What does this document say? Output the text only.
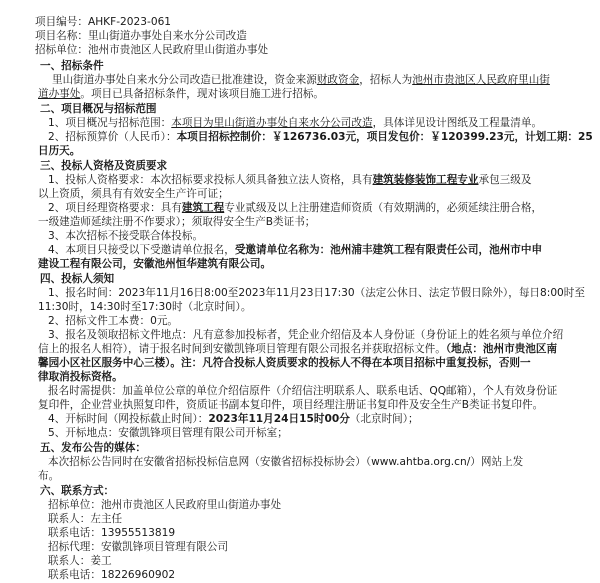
项目编号：AHKF-2023-061
项目名称：里山街道办事处自来水分公司改造
招标单位：池州市贵池区人民政府里山街道办事处
一、招标条件
里山街道办事处自来水分公司改造已批准建设，资金来源财政资金，招标人为池州市贵池区人民政府里山街
道办事处。项目已具备招标条件，现对该项目施工进行招标。
二、项目概况与招标范围
1、项目概况与招标范围：本项目为里山街道办事处自来水分公司改造，具体详见设计图纸及工程量清单。
2、招标预算价（人民币）：本项目招标控制价：￥126736.03元，项目发包价：￥120399.23元，计划工期：25
日历天。
三、投标人资格及资质要求
1、投标人资格要求：本次招标要求投标人须具备独立法人资格，具有建筑装修装饰工程专业承包三级及
以上资质，须具有有效安全生产许可证；
2、项目经理资格要求：具有建筑工程专业贰级及以上注册建造师资质（有效期满的，必须延续注册合格，
一级建造师延续注册不作要求）；须取得安全生产B类证书；
3、本次招标不接受联合体投标。
4、本项目只接受以下受邀请单位报名，受邀请单位名称为：池州浦丰建筑工程有限责任公司，池州市中申
建设工程有限公司，安徽池州恒华建筑有限公司。
四、投标人须知
1、报名时间：2023年11月16日8:00至2023年11月23日17:30（法定公休日、法定节假日除外），每日8:00时至
11:30时，14:30时至17:30时（北京时间）。
2、招标文件工本费：0元。
3、报名及领取招标文件地点：凡有意参加投标者，凭企业介绍信及本人身份证（身份证上的姓名须与单位介绍
信上的报名人相符），请于报名时间到安徽凯锋项目管理有限公司报名并获取招标文件。（地点：池州市贵池区南
馨园小区社区服务中心三楼）。注：凡符合投标人资质要求的投标人不得在本项目招标中重复投标，否则一
律取消投标资格。
报名时需提供：加盖单位公章的单位介绍信原件（介绍信注明联系人、联系电话、QQ邮箱），个人有效身份证
复印件，企业营业执照复印件，资质证书副本复印件，项目经理注册证书复印件及安全生产B类证书复印件。
4、开标时间（网投标截止时间）：2023年11月24日15时00分（北京时间）；
5、开标地点：安徽凯锋项目管理有限公司开标室；
五、发布公告的媒体：
本次招标公告同时在安徽省招标投标信息网（安徽省招标投标协会）（www.ahtba.org.cn/）网站上发
布。
六、联系方式：
招标单位：池州市贵池区人民政府里山街道办事处
联系人：左主任
联系电话：13955513819
招标代理：安徽凯锋项目管理有限公司
联系人：姜工
联系电话：18226960902
